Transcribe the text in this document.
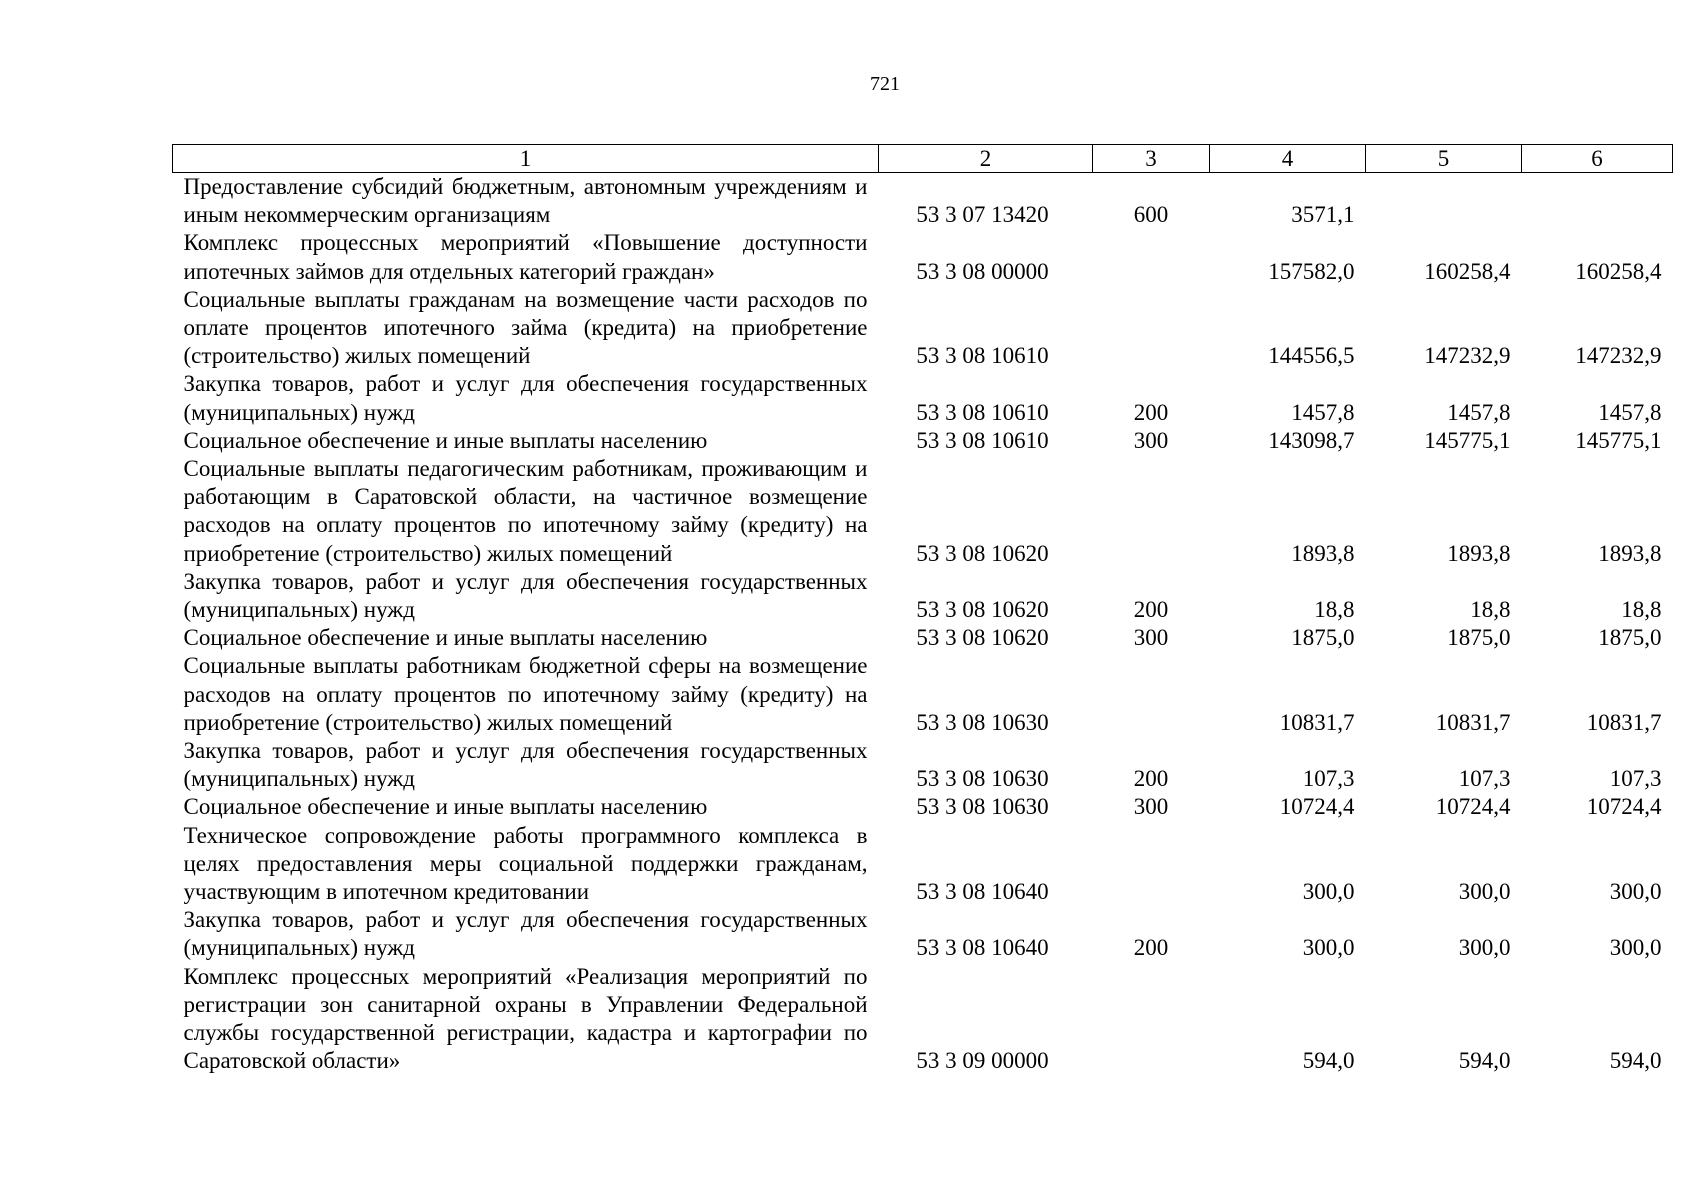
721
1	2	3	4	5	6
Предоставление субсидий бюджетным, автономным учреждениям и иным некоммерческим организациям	53 3 07 13420	600	3571,1		
Комплекс процессных мероприятий «Повышение доступности ипотечных займов для отдельных категорий граждан»	53 3 08 00000		157582,0	160258,4	160258,4
Социальные выплаты гражданам на возмещение части расходов по оплате процентов ипотечного займа (кредита) на приобретение (строительство) жилых помещений	53 3 08 10610		144556,5	147232,9	147232,9
Закупка товаров, работ и услуг для обеспечения государственных (муниципальных) нужд	53 3 08 10610	200	1457,8	1457,8	1457,8
Социальное обеспечение и иные выплаты населению	53 3 08 10610	300	143098,7	145775,1	145775,1
Социальные выплаты педагогическим работникам, проживающим и работающим в Саратовской области, на частичное возмещение расходов на оплату процентов по ипотечному займу (кредиту) на приобретение (строительство) жилых помещений	53 3 08 10620		1893,8	1893,8	1893,8
Закупка товаров, работ и услуг для обеспечения государственных (муниципальных) нужд	53 3 08 10620	200	18,8	18,8	18,8
Социальное обеспечение и иные выплаты населению	53 3 08 10620	300	1875,0	1875,0	1875,0
Социальные выплаты работникам бюджетной сферы на возмещение расходов на оплату процентов по ипотечному займу (кредиту) на приобретение (строительство) жилых помещений	53 3 08 10630		10831,7	10831,7	10831,7
Закупка товаров, работ и услуг для обеспечения государственных (муниципальных) нужд	53 3 08 10630	200	107,3	107,3	107,3
Социальное обеспечение и иные выплаты населению	53 3 08 10630	300	10724,4	10724,4	10724,4
Техническое сопровождение работы программного комплекса в целях предоставления меры социальной поддержки гражданам, участвующим в ипотечном кредитовании	53 3 08 10640		300,0	300,0	300,0
Закупка товаров, работ и услуг для обеспечения государственных (муниципальных) нужд	53 3 08 10640	200	300,0	300,0	300,0
Комплекс процессных мероприятий «Реализация мероприятий по регистрации зон санитарной охраны в Управлении Федеральной службы государственной регистрации, кадастра и картографии по Саратовской области»	53 3 09 00000		594,0	594,0	594,0
